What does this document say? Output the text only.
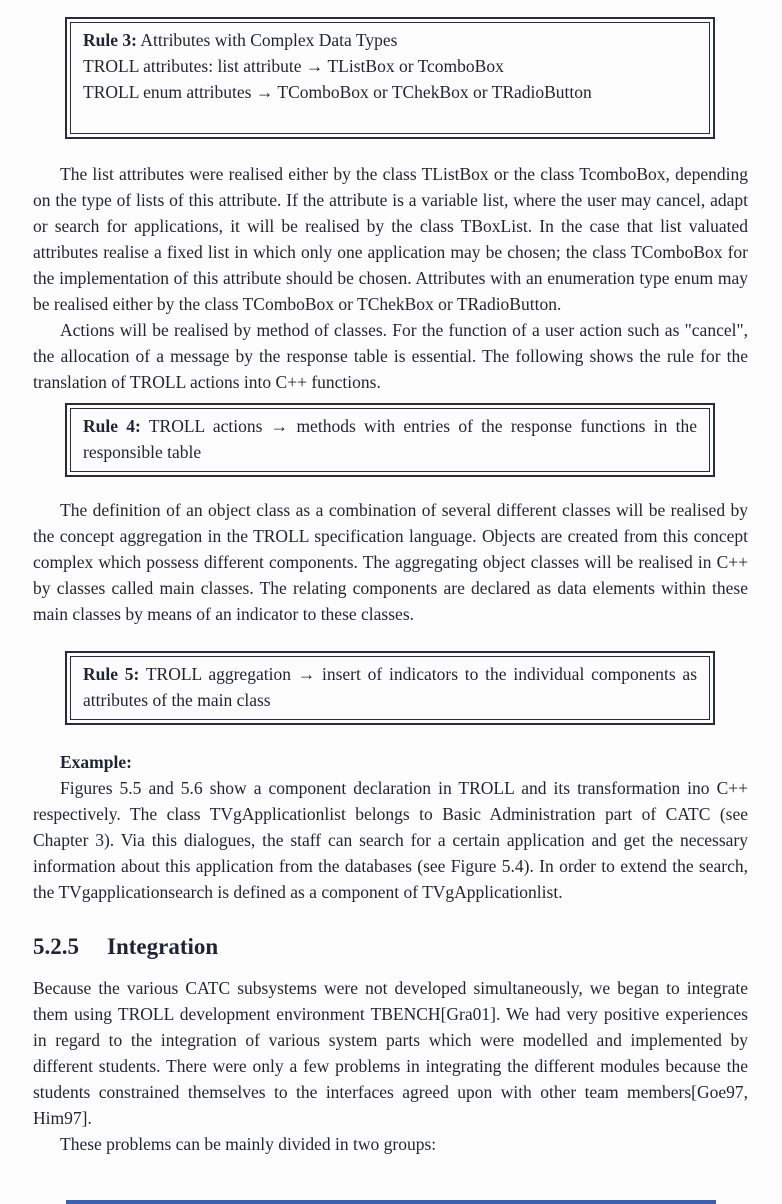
Rule 3: Attributes with Complex Data Types

TROLL attributes: list attribute → TListBox or TcomboBox

TROLL enum attributes → TComboBox or TChekBox or TRadioButton

The list attributes were realised either by the class TListBox or the class TcomboBox, depending on the type of lists of this attribute. If the attribute is a variable list, where the user may cancel, adapt or search for applications, it will be realised by the class TBoxList. In the case that list valuated attributes realise a fixed list in which only one application may be chosen; the class TComboBox for the implementation of this attribute should be chosen. Attributes with an enumeration type enum may be realised either by the class TComboBox or TChekBox or TRadioButton.

Actions will be realised by method of classes. For the function of a user action such as "cancel", the allocation of a message by the response table is essential. The following shows the rule for the translation of TROLL actions into C++ functions.

Rule 4: TROLL actions → methods with entries of the response functions in the responsible table

The definition of an object class as a combination of several different classes will be realised by the concept aggregation in the TROLL specification language. Objects are created from this concept complex which possess different components. The aggregating object classes will be realised in C++ by classes called main classes. The relating components are declared as data elements within these main classes by means of an indicator to these classes.

Rule 5: TROLL aggregation → insert of indicators to the individual components as attributes of the main class

Example:

Figures 5.5 and 5.6 show a component declaration in TROLL and its transformation ino C++ respectively. The class TVgApplicationlist belongs to Basic Administration part of CATC (see Chapter 3). Via this dialogues, the staff can search for a certain application and get the necessary information about this application from the databases (see Figure 5.4). In order to extend the search, the TVgapplicationsearch is defined as a component of TVgApplicationlist.

5.2.5 Integration

Because the various CATC subsystems were not developed simultaneously, we began to integrate them using TROLL development environment TBENCH[Gra01]. We had very positive experiences in regard to the integration of various system parts which were modelled and implemented by different students. There were only a few problems in integrating the different modules because the students constrained themselves to the interfaces agreed upon with other team members[Goe97, Him97].

These problems can be mainly divided in two groups:
